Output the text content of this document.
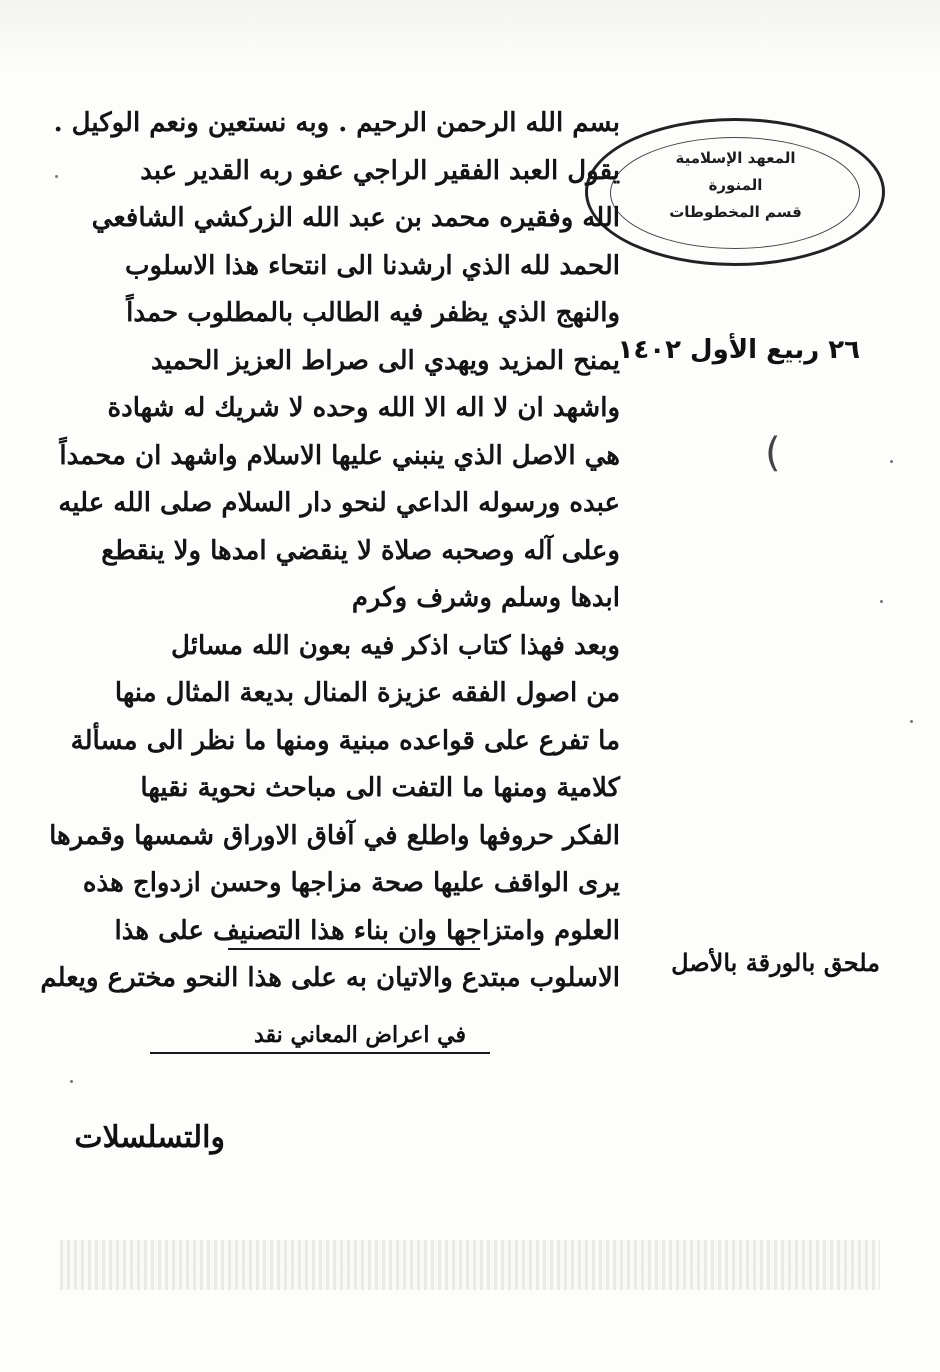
المعهد الإسلامية
المنورة
قسم المخطوطات
٢٦ ربيع الأول ١٤٠٢
(
بسم الله الرحمن الرحيم . وبه نستعين ونعم الوكيل .
يقول العبد الفقير الراجي عفو ربه القدير عبد
الله وفقيره محمد بن عبد الله الزركشي الشافعي
الحمد لله الذي ارشدنا الى انتحاء هذا الاسلوب
والنهج الذي يظفر فيه الطالب بالمطلوب حمداً
يمنح المزيد ويهدي الى صراط العزيز الحميد
واشهد ان لا اله الا الله وحده لا شريك له شهادة
هي الاصل الذي ينبني عليها الاسلام واشهد ان محمداً
عبده ورسوله الداعي لنحو دار السلام صلى الله عليه
وعلى آله وصحبه صلاة لا ينقضي امدها ولا ينقطع
ابدها وسلم وشرف وكرم
وبعد فهذا كتاب اذكر فيه بعون الله مسائل
من اصول الفقه عزيزة المنال بديعة المثال منها
ما تفرع على قواعده مبنية ومنها ما نظر الى مسألة
كلامية ومنها ما التفت الى مباحث نحوية نقيها
الفكر حروفها واطلع في آفاق الاوراق شمسها وقمرها
يرى الواقف عليها صحة مزاجها وحسن ازدواج هذه
العلوم وامتزاجها وان بناء هذا التصنيف على هذا
الاسلوب مبتدع والاتيان به على هذا النحو مخترع ويعلم
ملحق بالورقة بالأصل
في اعراض المعاني نقد
والتسلسلات
